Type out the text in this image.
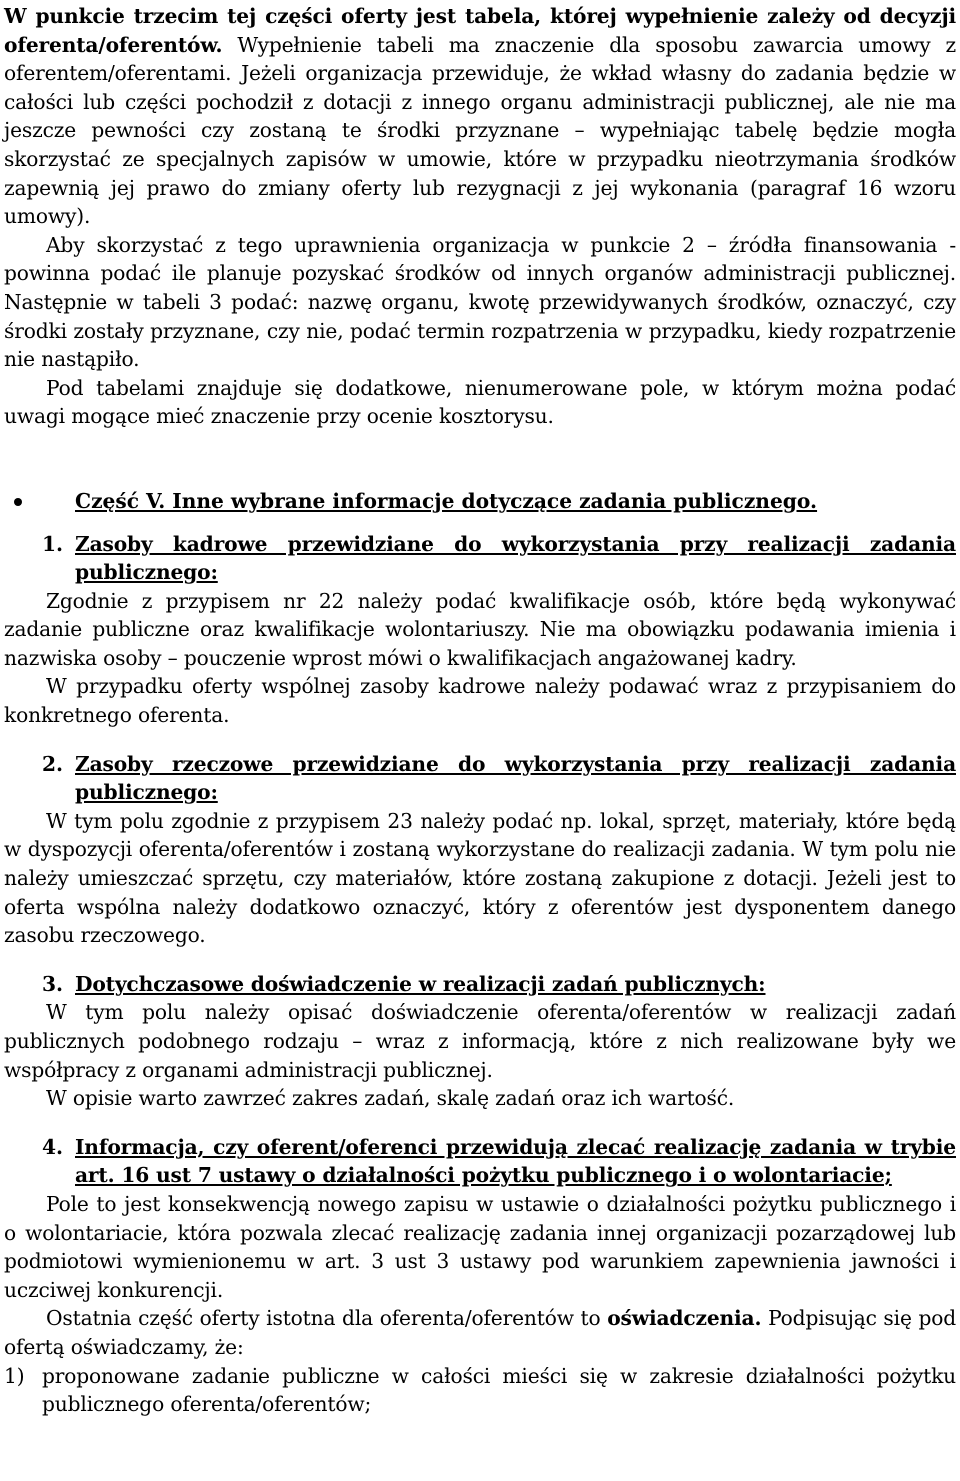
W punkcie trzecim tej części oferty jest tabela, której wypełnienie zależy od decyzji oferenta/oferentów. Wypełnienie tabeli ma znaczenie dla sposobu zawarcia umowy z oferentem/oferentami. Jeżeli organizacja przewiduje, że wkład własny do zadania będzie w całości lub części pochodził z dotacji z innego organu administracji publicznej, ale nie ma jeszcze pewności czy zostaną te środki przyznane – wypełniając tabelę będzie mogła skorzystać ze specjalnych zapisów w umowie, które w przypadku nieotrzymania środków zapewnią jej prawo do zmiany oferty lub rezygnacji z jej wykonania (paragraf 16 wzoru umowy).

Aby skorzystać z tego uprawnienia organizacja w punkcie 2 – źródła finansowania - powinna podać ile planuje pozyskać środków od innych organów administracji publicznej. Następnie w tabeli 3 podać: nazwę organu, kwotę przewidywanych środków, oznaczyć, czy środki zostały przyznane, czy nie, podać termin rozpatrzenia w przypadku, kiedy rozpatrzenie nie nastąpiło.

Pod tabelami znajduje się dodatkowe, nienumerowane pole, w którym można podać uwagi mogące mieć znaczenie przy ocenie kosztorysu.

Część V. Inne wybrane informacje dotyczące zadania publicznego.
1. Zasoby kadrowe przewidziane do wykorzystania przy realizacji zadania publicznego:

Zgodnie z przypisem nr 22 należy podać kwalifikacje osób, które będą wykonywać zadanie publiczne oraz kwalifikacje wolontariuszy. Nie ma obowiązku podawania imienia i nazwiska osoby – pouczenie wprost mówi o kwalifikacjach angażowanej kadry.

W przypadku oferty wspólnej zasoby kadrowe należy podawać wraz z przypisaniem do konkretnego oferenta.

2. Zasoby rzeczowe przewidziane do wykorzystania przy realizacji zadania publicznego:

W tym polu zgodnie z przypisem 23 należy podać np. lokal, sprzęt, materiały, które będą w dyspozycji oferenta/oferentów i zostaną wykorzystane do realizacji zadania. W tym polu nie należy umieszczać sprzętu, czy materiałów, które zostaną zakupione z dotacji. Jeżeli jest to oferta wspólna należy dodatkowo oznaczyć, który z oferentów jest dysponentem danego zasobu rzeczowego.

3. Dotychczasowe doświadczenie w realizacji zadań publicznych:

W tym polu należy opisać doświadczenie oferenta/oferentów w realizacji zadań publicznych podobnego rodzaju – wraz z informacją, które z nich realizowane były we współpracy z organami administracji publicznej.

W opisie warto zawrzeć zakres zadań, skalę zadań oraz ich wartość.

4. Informacja, czy oferent/oferenci przewidują zlecać realizację zadania w trybie art. 16 ust 7 ustawy o działalności pożytku publicznego i o wolontariacie;

Pole to jest konsekwencją nowego zapisu w ustawie o działalności pożytku publicznego i o wolontariacie, która pozwala zlecać realizację zadania innej organizacji pozarządowej lub podmiotowi wymienionemu w art. 3 ust 3 ustawy pod warunkiem zapewnienia jawności i uczciwej konkurencji.

Ostatnia część oferty istotna dla oferenta/oferentów to oświadczenia. Podpisując się pod ofertą oświadczamy, że:

1) proponowane zadanie publiczne w całości mieści się w zakresie działalności pożytku publicznego oferenta/oferentów;
